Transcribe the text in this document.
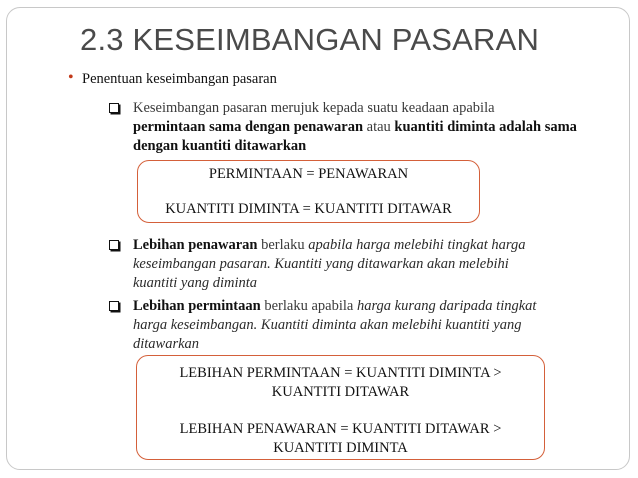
2.3 KESEIMBANGAN PASARAN
• Penentuan keseimbangan pasaran
Keseimbangan pasaran merujuk kepada suatu keadaan apabila
permintaan sama dengan penawaran atau kuantiti diminta adalah sama
dengan kuantiti ditawarkan
PERMINTAAN = PENAWARAN
KUANTITI DIMINTA = KUANTITI DITAWAR
Lebihan penawaran berlaku apabila harga melebihi tingkat harga
keseimbangan pasaran. Kuantiti yang ditawarkan akan melebihi
kuantiti yang diminta
Lebihan permintaan berlaku apabila harga kurang daripada tingkat
harga keseimbangan. Kuantiti diminta akan melebihi kuantiti yang
ditawarkan
LEBIHAN PERMINTAAN = KUANTITI DIMINTA >
KUANTITI DITAWAR
LEBIHAN PENAWARAN = KUANTITI DITAWAR >
KUANTITI DIMINTA
